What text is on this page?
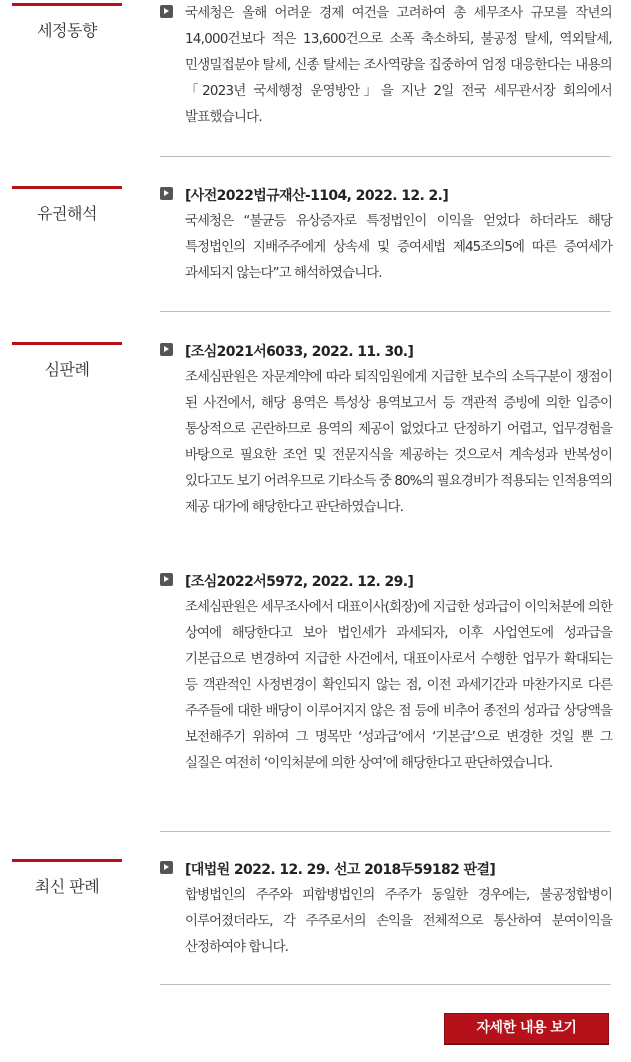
세정동향
국세청은 올해 어려운 경제 여건을 고려하여 총 세무조사 규모를 작년의 14,000건보다 적은 13,600건으로 소폭 축소하되, 불공정 탈세, 역외탈세, 민생밀접분야 탈세, 신종 탈세는 조사역량을 집중하여 엄정 대응한다는 내용의 「2023년 국세행정 운영방안」을 지난 2일 전국 세무관서장 회의에서 발표했습니다.
유권해석
[사전2022법규재산-1104, 2022. 12. 2.]
국세청은 “불균등 유상증자로 특정법인이 이익을 얻었다 하더라도 해당 특정법인의 지배주주에게 상속세 및 증여세법 제45조의5에 따른 증여세가 과세되지 않는다”고 해석하였습니다.
심판례
[조심2021서6033, 2022. 11. 30.]
조세심판원은 자문계약에 따라 퇴직임원에게 지급한 보수의 소득구분이 쟁점이 된 사건에서, 해당 용역은 특성상 용역보고서 등 객관적 증빙에 의한 입증이 통상적으로 곤란하므로 용역의 제공이 없었다고 단정하기 어렵고, 업무경험을 바탕으로 필요한 조언 및 전문지식을 제공하는 것으로서 계속성과 반복성이 있다고도 보기 어려우므로 기타소득 중 80%의 필요경비가 적용되는 인적용역의 제공 대가에 해당한다고 판단하였습니다.
[조심2022서5972, 2022. 12. 29.]
조세심판원은 세무조사에서 대표이사(회장)에 지급한 성과급이 이익처분에 의한 상여에 해당한다고 보아 법인세가 과세되자, 이후 사업연도에 성과급을 기본급으로 변경하여 지급한 사건에서, 대표이사로서 수행한 업무가 확대되는 등 객관적인 사정변경이 확인되지 않는 점, 이전 과세기간과 마찬가지로 다른 주주들에 대한 배당이 이루어지지 않은 점 등에 비추어 종전의 성과급 상당액을 보전해주기 위하여 그 명목만 ‘성과급’에서 ‘기본급’으로 변경한 것일 뿐 그 실질은 여전히 ‘이익처분에 의한 상여’에 해당한다고 판단하였습니다.
최신 판례
[대법원 2022. 12. 29. 선고 2018두59182 판결]
합병법인의 주주와 피합병법인의 주주가 동일한 경우에는, 불공정합병이 이루어졌더라도, 각 주주로서의 손익을 전체적으로 통산하여 분여이익을 산정하여야 합니다.
자세한 내용 보기
